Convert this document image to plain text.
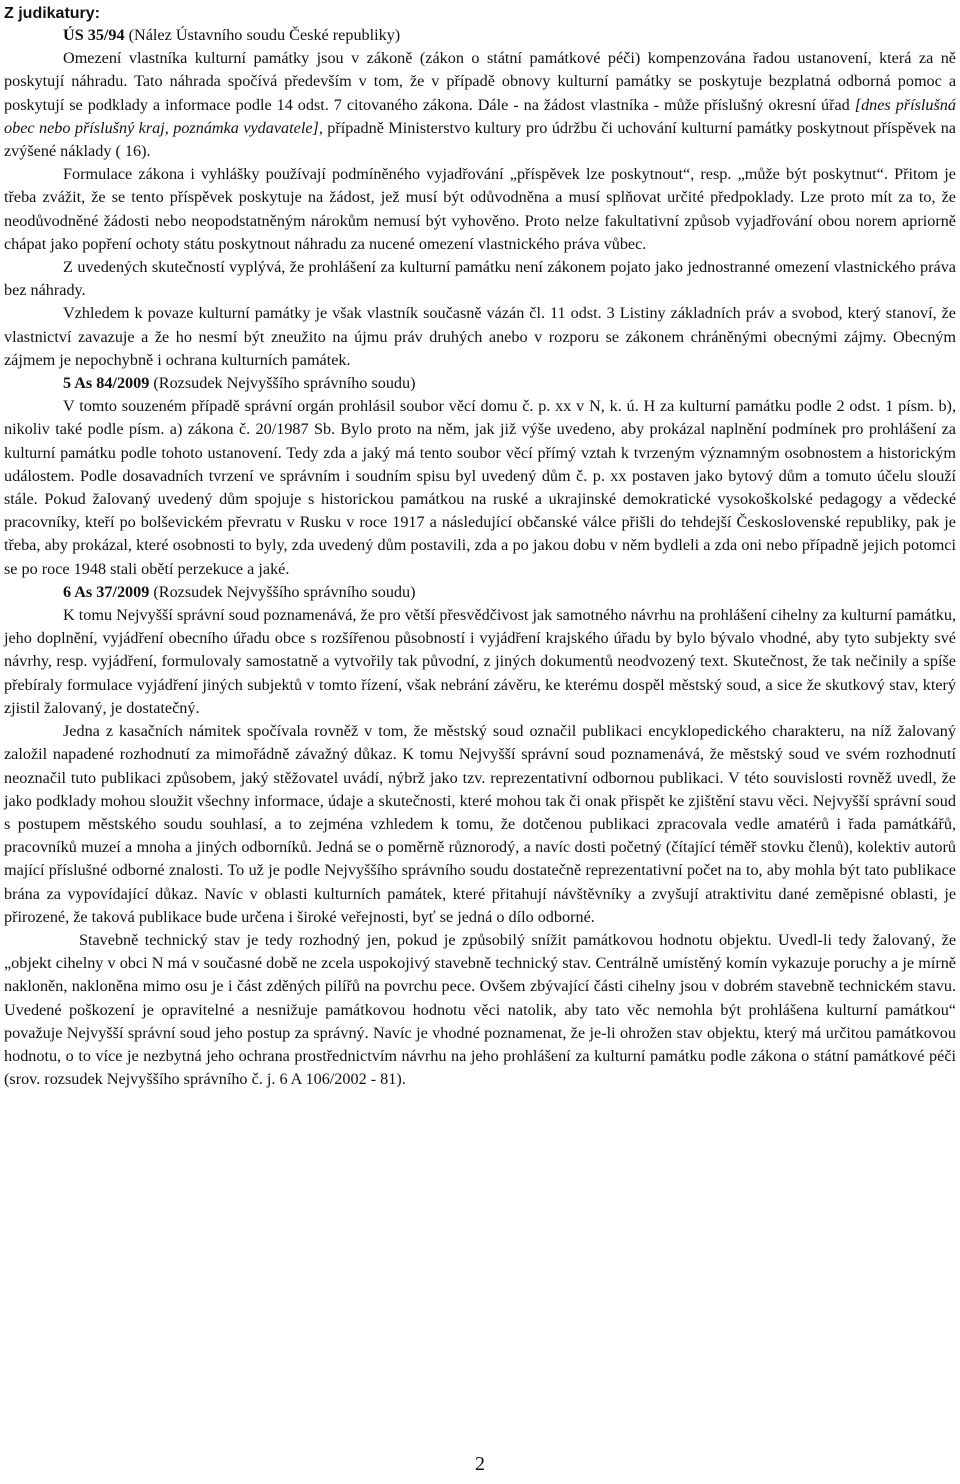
Z judikatury:

ÚS 35/94 (Nález Ústavního soudu České republiky)

Omezení vlastníka kulturní památky jsou v zákoně (zákon o státní památkové péči) kompenzována řadou ustanovení, která za ně poskytují náhradu. Tato náhrada spočívá především v tom, že v případě obnovy kulturní památky se poskytuje bezplatná odborná pomoc a poskytují se podklady a informace podle 14 odst. 7 citovaného zákona. Dále - na žádost vlastníka - může příslušný okresní úřad [dnes příslušná obec nebo příslušný kraj, poznámka vydavatele], případně Ministerstvo kultury pro údržbu či uchování kulturní památky poskytnout příspěvek na zvýšené náklady ( 16).

Formulace zákona i vyhlášky používají podmíněného vyjadřování „příspěvek lze poskytnout“, resp. „může být poskytnut“. Přitom je třeba zvážit, že se tento příspěvek poskytuje na žádost, jež musí být odůvodněna a musí splňovat určité předpoklady. Lze proto mít za to, že neodůvodněné žádosti nebo neopodstatněným nárokům nemusí být vyhověno. Proto nelze fakultativní způsob vyjadřování obou norem apriorně chápat jako popření ochoty státu poskytnout náhradu za nucené omezení vlastnického práva vůbec.

Z uvedených skutečností vyplývá, že prohlášení za kulturní památku není zákonem pojato jako jednostranné omezení vlastnického práva bez náhrady.

Vzhledem k povaze kulturní památky je však vlastník současně vázán čl. 11 odst. 3 Listiny základních práv a svobod, který stanoví, že vlastnictví zavazuje a že ho nesmí být zneužito na újmu práv druhých anebo v rozporu se zákonem chráněnými obecnými zájmy. Obecným zájmem je nepochybně i ochrana kulturních památek.

5 As 84/2009 (Rozsudek Nejvyššího správního soudu)

V tomto souzeném případě správní orgán prohlásil soubor věcí domu č. p. xx v N, k. ú. H za kulturní památku podle 2 odst. 1 písm. b), nikoliv také podle písm. a) zákona č. 20/1987 Sb. Bylo proto na něm, jak již výše uvedeno, aby prokázal naplnění podmínek pro prohlášení za kulturní památku podle tohoto ustanovení. Tedy zda a jaký má tento soubor věcí přímý vztah k tvrzeným významným osobnostem a historickým událostem. Podle dosavadních tvrzení ve správním i soudním spisu byl uvedený dům č. p. xx postaven jako bytový dům a tomuto účelu slouží stále. Pokud žalovaný uvedený dům spojuje s historickou památkou na ruské a ukrajinské demokratické vysokoškolské pedagogy a vědecké pracovníky, kteří po bolševickém převratu v Rusku v roce 1917 a následující občanské válce přišli do tehdejší Československé republiky, pak je třeba, aby prokázal, které osobnosti to byly, zda uvedený dům postavili, zda a po jakou dobu v něm bydleli a zda oni nebo případně jejich potomci se po roce 1948 stali obětí perzekuce a jaké.

6 As 37/2009 (Rozsudek Nejvyššího správního soudu)

K tomu Nejvyšší správní soud poznamenává, že pro větší přesvědčivost jak samotného návrhu na prohlášení cihelny za kulturní památku, jeho doplnění, vyjádření obecního úřadu obce s rozšířenou působností i vyjádření krajského úřadu by bylo bývalo vhodné, aby tyto subjekty své návrhy, resp. vyjádření, formulovaly samostatně a vytvořily tak původní, z jiných dokumentů neodvozený text. Skutečnost, že tak nečinily a spíše přebíraly formulace vyjádření jiných subjektů v tomto řízení, však nebrání závěru, ke kterému dospěl městský soud, a sice že skutkový stav, který zjistil žalovaný, je dostatečný.

Jedna z kasačních námitek spočívala rovněž v tom, že městský soud označil publikaci encyklopedického charakteru, na níž žalovaný založil napadené rozhodnutí za mimořádně závažný důkaz. K tomu Nejvyšší správní soud poznamenává, že městský soud ve svém rozhodnutí neoznačil tuto publikaci způsobem, jaký stěžovatel uvádí, nýbrž jako tzv. reprezentativní odbornou publikaci. V této souvislosti rovněž uvedl, že jako podklady mohou sloužit všechny informace, údaje a skutečnosti, které mohou tak či onak přispět ke zjištění stavu věci. Nejvyšší správní soud s postupem městského soudu souhlasí, a to zejména vzhledem k tomu, že dotčenou publikaci zpracovala vedle amatérů i řada památkářů, pracovníků muzeí a mnoha a jiných odborníků. Jedná se o poměrně různorodý, a navíc dosti početný (čítající téměř stovku členů), kolektiv autorů mající příslušné odborné znalosti. To už je podle Nejvyššího správního soudu dostatečně reprezentativní počet na to, aby mohla být tato publikace brána za vypovídající důkaz. Navíc v oblasti kulturních památek, které přitahují návštěvníky a zvyšují atraktivitu dané zeměpisné oblasti, je přirozené, že taková publikace bude určena i široké veřejnosti, byť se jedná o dílo odborné.

Stavebně technický stav je tedy rozhodný jen, pokud je způsobilý snížit památkovou hodnotu objektu. Uvedl-li tedy žalovaný, že „objekt cihelny v obci N má v současné době ne zcela uspokojivý stavebně technický stav. Centrálně umístěný komín vykazuje poruchy a je mírně nakloněn, nakloněna mimo osu je i část zděných pilířů na povrchu pece. Ovšem zbývající části cihelny jsou v dobrém stavebně technickém stavu. Uvedené poškození je opravitelné a nesnižuje památkovou hodnotu věci natolik, aby tato věc nemohla být prohlášena kulturní památkou“ považuje Nejvyšší správní soud jeho postup za správný. Navíc je vhodné poznamenat, že je-li ohrožen stav objektu, který má určitou památkovou hodnotu, o to více je nezbytná jeho ochrana prostřednictvím návrhu na jeho prohlášení za kulturní památku podle zákona o státní památkové péči (srov. rozsudek Nejvyššího správního č. j. 6 A 106/2002 - 81).

2
